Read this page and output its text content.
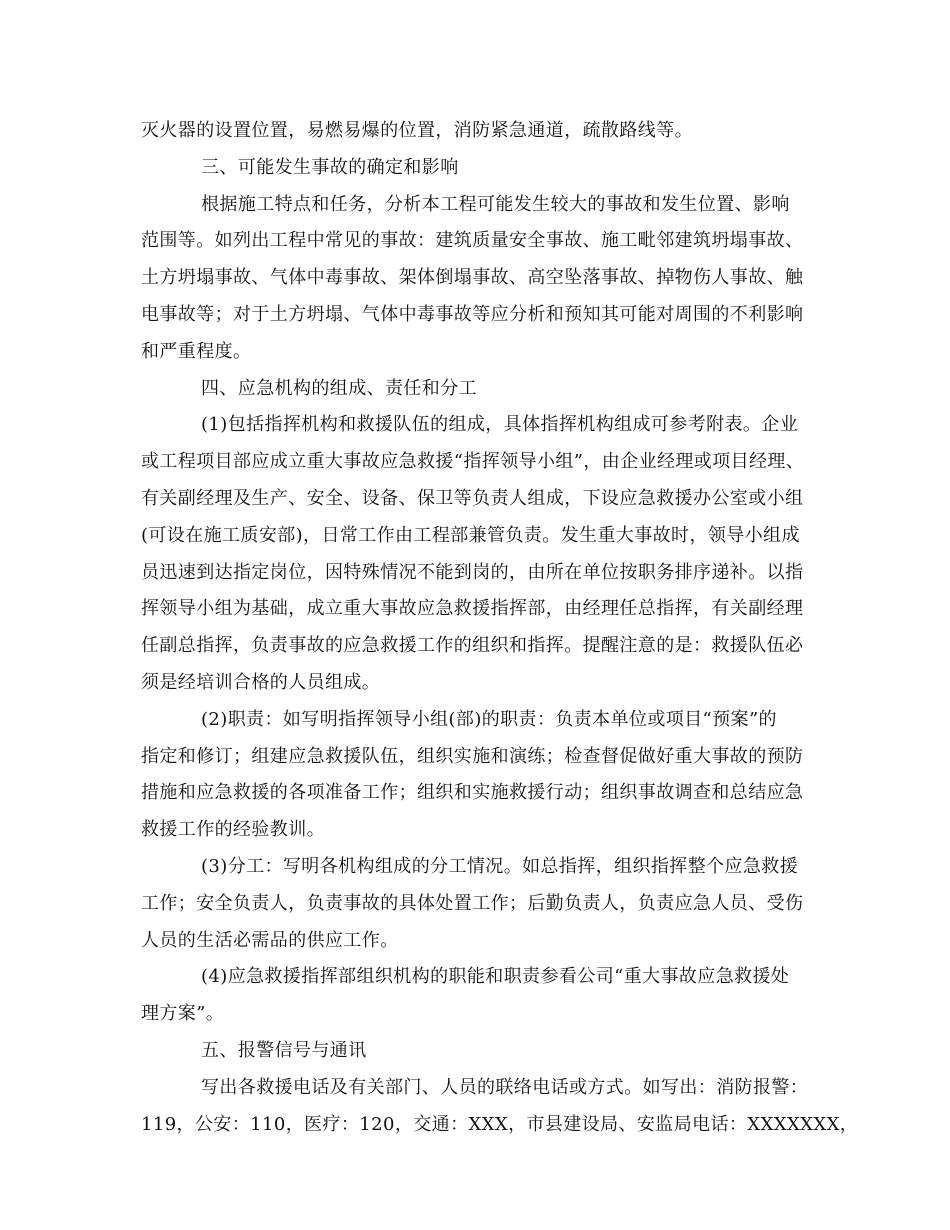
灭火器的设置位置，易燃易爆的位置，消防紧急通道，疏散路线等。
三、可能发生事故的确定和影响
根据施工特点和任务，分析本工程可能发生较大的事故和发生位置、影响
范围等。如列出工程中常见的事故：建筑质量安全事故、施工毗邻建筑坍塌事故、
土方坍塌事故、气体中毒事故、架体倒塌事故、高空坠落事故、掉物伤人事故、触
电事故等；对于土方坍塌、气体中毒事故等应分析和预知其可能对周围的不利影响
和严重程度。
四、应急机构的组成、责任和分工
(1)包括指挥机构和救援队伍的组成，具体指挥机构组成可参考附表。企业
或工程项目部应成立重大事故应急救援“指挥领导小组”，由企业经理或项目经理、
有关副经理及生产、安全、设备、保卫等负责人组成，下设应急救援办公室或小组
(可设在施工质安部)，日常工作由工程部兼管负责。发生重大事故时，领导小组成
员迅速到达指定岗位，因特殊情况不能到岗的，由所在单位按职务排序递补。以指
挥领导小组为基础，成立重大事故应急救援指挥部，由经理任总指挥，有关副经理
任副总指挥，负责事故的应急救援工作的组织和指挥。提醒注意的是：救援队伍必
须是经培训合格的人员组成。
(2)职责：如写明指挥领导小组(部)的职责：负责本单位或项目“预案”的
指定和修订；组建应急救援队伍，组织实施和演练；检查督促做好重大事故的预防
措施和应急救援的各项准备工作；组织和实施救援行动；组织事故调查和总结应急
救援工作的经验教训。
(3)分工：写明各机构组成的分工情况。如总指挥，组织指挥整个应急救援
工作；安全负责人，负责事故的具体处置工作；后勤负责人，负责应急人员、受伤
人员的生活必需品的供应工作。
(4)应急救援指挥部组织机构的职能和职责参看公司“重大事故应急救援处
理方案”。
五、报警信号与通讯
写出各救援电话及有关部门、人员的联络电话或方式。如写出：消防报警：
119，公安：110，医疗：120，交通：XXX，市县建设局、安监局电话：XXXXXXX，
